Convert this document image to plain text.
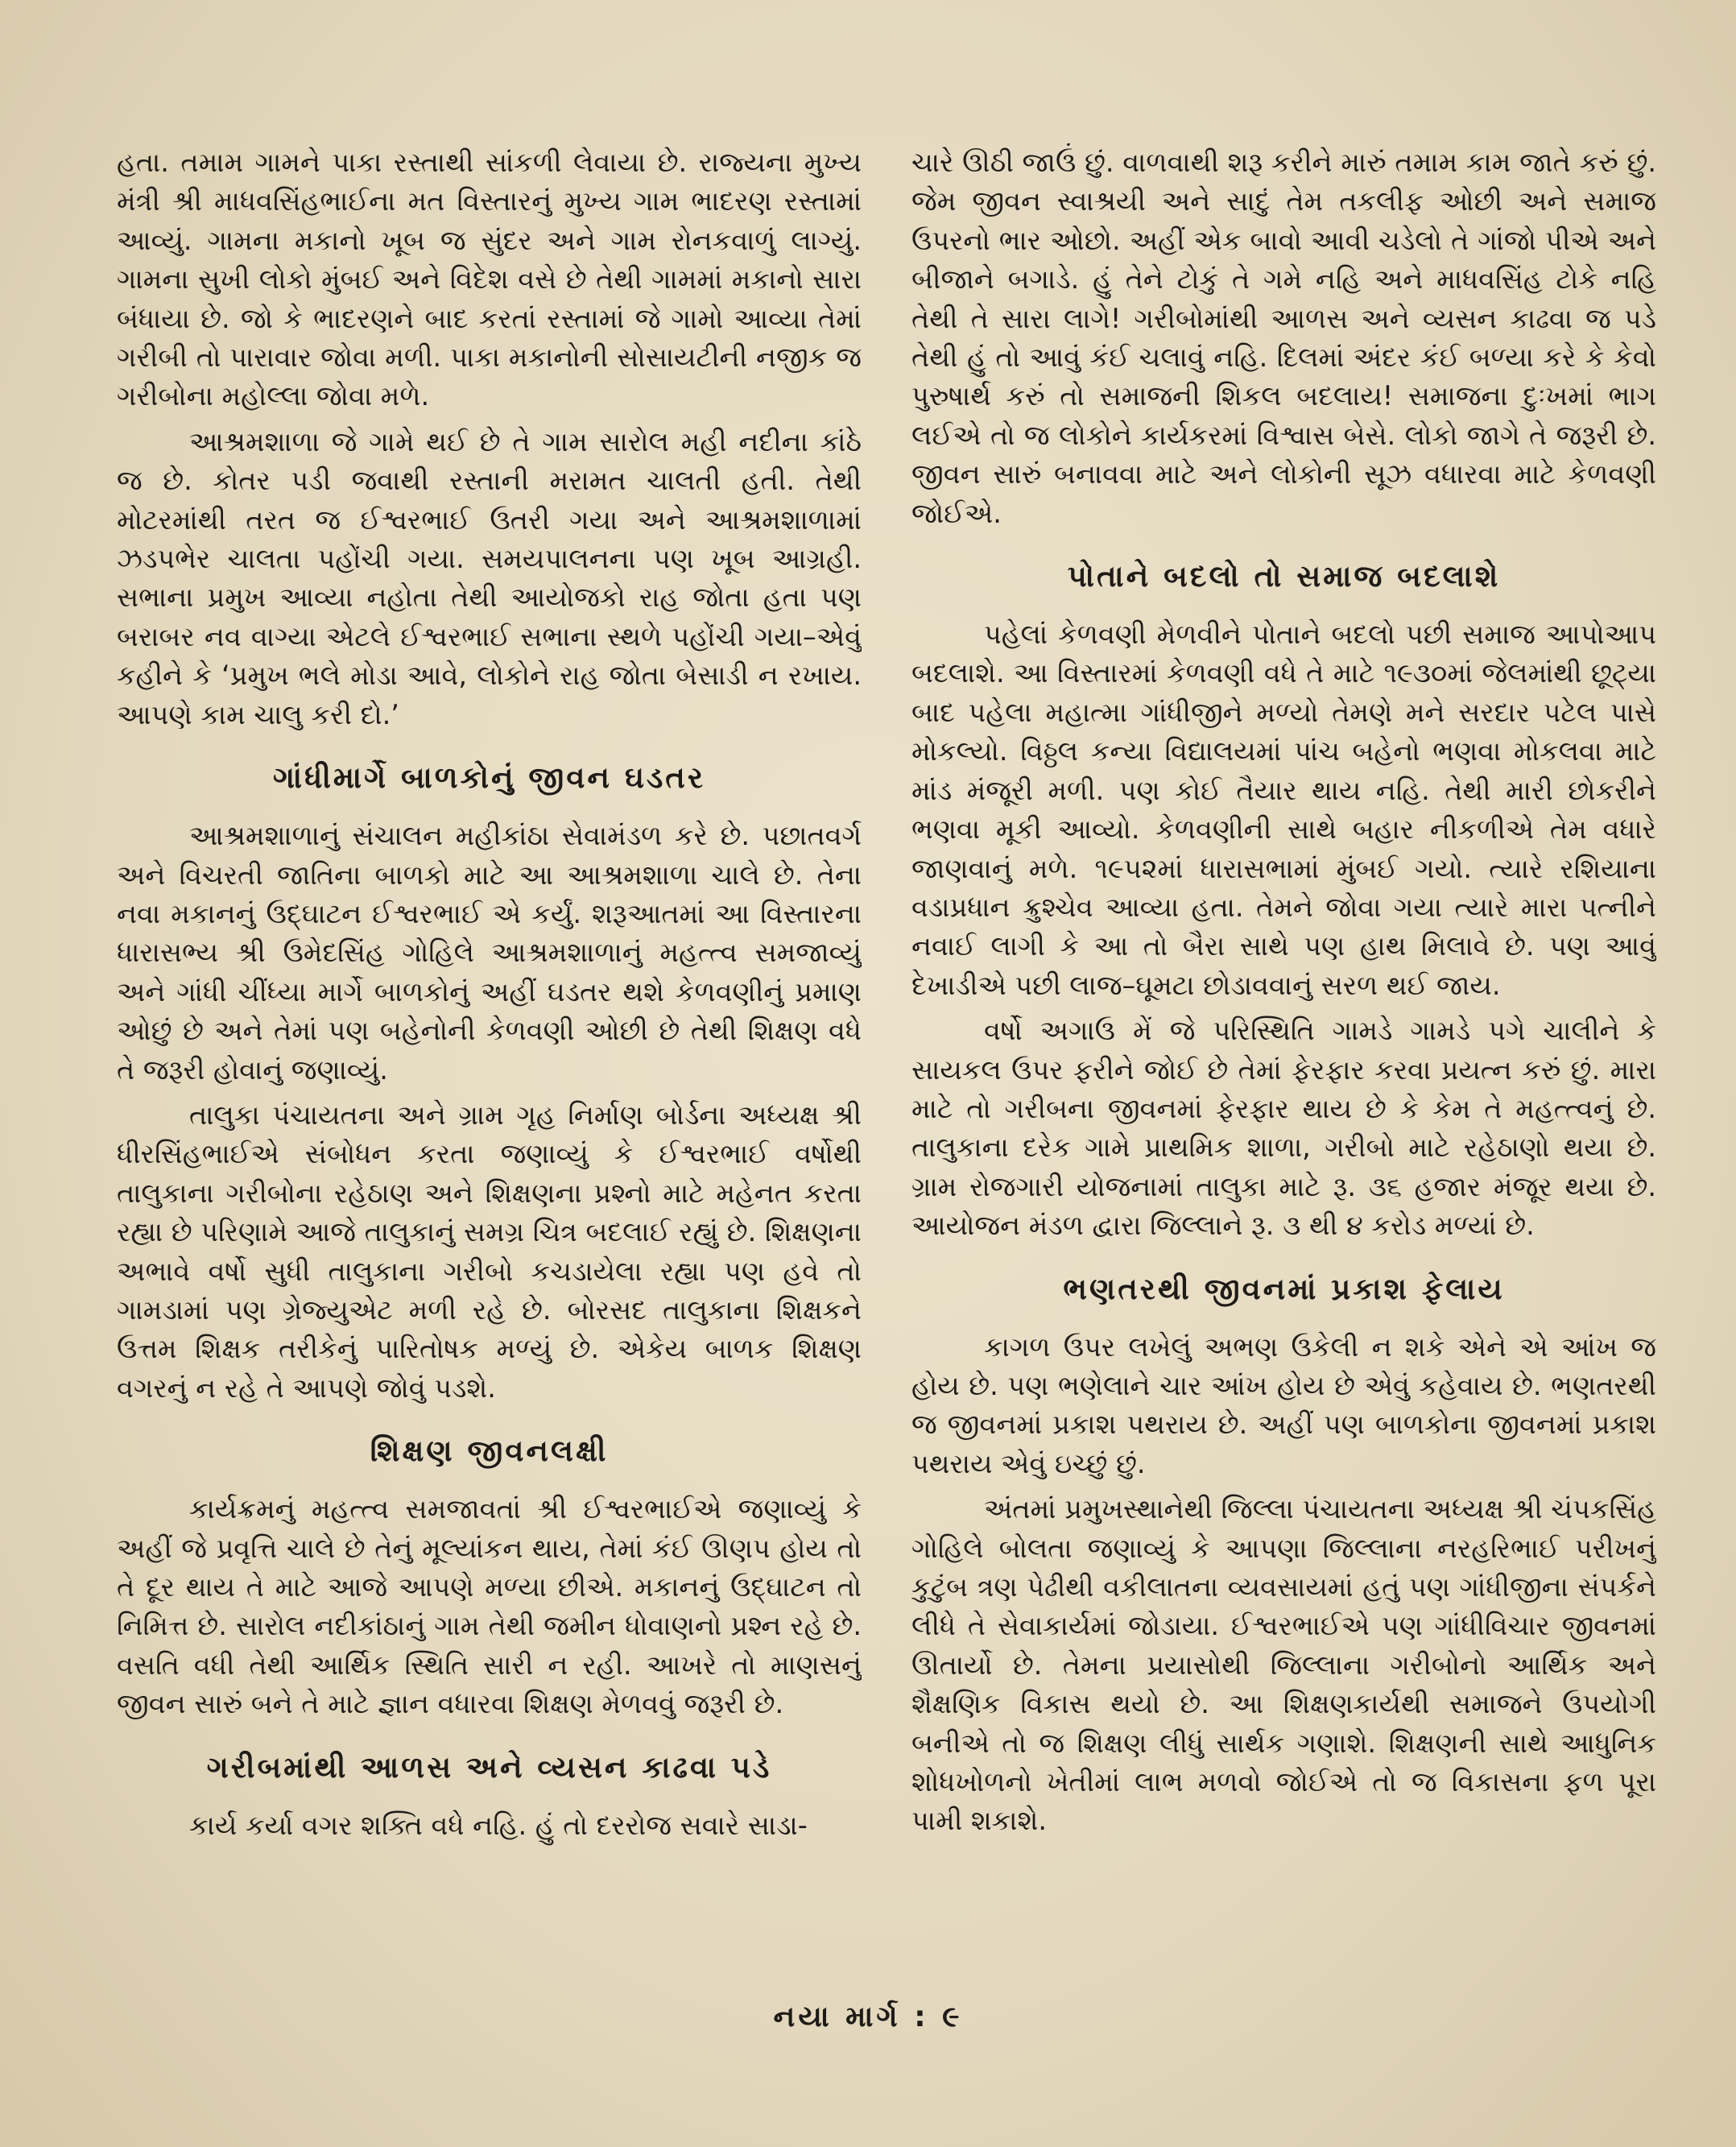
હતા. તમામ ગામને પાકા રસ્તાથી સાંકળી લેવાયા છે. રાજ્યના મુખ્ય મંત્રી શ્રી માધવસિંહભાઈના મત વિસ્તારનું મુખ્ય ગામ ભાદરણ રસ્તામાં આવ્યું. ગામના મકાનો ખૂબ જ સુંદર અને ગામ રોનકવાળું લાગ્યું. ગામના સુખી લોકો મુંબઈ અને વિદેશ વસે છે તેથી ગામમાં મકાનો સારા બંધાયા છે. જો કે ભાદરણને બાદ કરતાં રસ્તામાં જે ગામો આવ્યા તેમાં ગરીબી તો પારાવાર જોવા મળી. પાકા મકાનોની સોસાયટીની નજીક જ ગરીબોના મહોલ્લા જોવા મળે.

આશ્રમશાળા જે ગામે થઈ છે તે ગામ સારોલ મહી નદીના કાંઠે જ છે. કોતર પડી જવાથી રસ્તાની મરામત ચાલતી હતી. તેથી મોટરમાંથી તરત જ ઈશ્વરભાઈ ઉતરી ગયા અને આશ્રમશાળામાં ઝડપભેર ચાલતા પહોંચી ગયા. સમયપાલનના પણ ખૂબ આગ્રહી. સભાના પ્રમુખ આવ્યા નહોતા તેથી આયોજકો રાહ જોતા હતા પણ બરાબર નવ વાગ્યા એટલે ઈશ્વરભાઈ સભાના સ્થળે પહોંચી ગયા–એવું કહીને કે ‘પ્રમુખ ભલે મોડા આવે, લોકોને રાહ જોતા બેસાડી ન રખાય. આપણે કામ ચાલુ કરી દો.’

ગાંધીમાર્ગે બાળકોનું જીવન ઘડતર

આશ્રમશાળાનું સંચાલન મહીકાંઠા સેવામંડળ કરે છે. પછાતવર્ગ અને વિચરતી જાતિના બાળકો માટે આ આશ્રમશાળા ચાલે છે. તેના નવા મકાનનું ઉદ્ઘાટન ઈશ્વરભાઈ એ કર્યું. શરૂઆતમાં આ વિસ્તારના ધારાસભ્ય શ્રી ઉમેદસિંહ ગોહિલે આશ્રમશાળાનું મહત્ત્વ સમજાવ્યું અને ગાંધી ચીંધ્યા માર્ગે બાળકોનું અહીં ઘડતર થશે કેળવણીનું પ્રમાણ ઓછું છે અને તેમાં પણ બહેનોની કેળવણી ઓછી છે તેથી શિક્ષણ વધે તે જરૂરી હોવાનું જણાવ્યું.

તાલુકા પંચાયતના અને ગ્રામ ગૃહ નિર્માણ બોર્ડના અધ્યક્ષ શ્રી ધીરસિંહભાઈએ સંબોધન કરતા જણાવ્યું કે ઈશ્વરભાઈ વર્ષોથી તાલુકાના ગરીબોના રહેઠાણ અને શિક્ષણના પ્રશ્નો માટે મહેનત કરતા રહ્યા છે પરિણામે આજે તાલુકાનું સમગ્ર ચિત્ર બદલાઈ રહ્યું છે. શિક્ષણના અભાવે વર્ષો સુધી તાલુકાના ગરીબો કચડાયેલા રહ્યા પણ હવે તો ગામડામાં પણ ગ્રેજ્યુએટ મળી રહે છે. બોરસદ તાલુકાના શિક્ષકને ઉત્તમ શિક્ષક તરીકેનું પારિતોષક મળ્યું છે. એકેય બાળક શિક્ષણ વગરનું ન રહે તે આપણે જોવું પડશે.

શિક્ષણ જીવનલક્ષી

કાર્યક્રમનું મહત્ત્વ સમજાવતાં શ્રી ઈશ્વરભાઈએ જણાવ્યું કે અહીં જે પ્રવૃત્તિ ચાલે છે તેનું મૂલ્યાંકન થાય, તેમાં કંઈ ઊણપ હોય તો તે દૂર થાય તે માટે આજે આપણે મળ્યા છીએ. મકાનનું ઉદ્ઘાટન તો નિમિત્ત છે. સારોલ નદીકાંઠાનું ગામ તેથી જમીન ધોવાણનો પ્રશ્ન રહે છે. વસતિ વધી તેથી આર્થિક સ્થિતિ સારી ન રહી. આખરે તો માણસનું જીવન સારું બને તે માટે જ્ઞાન વધારવા શિક્ષણ મેળવવું જરૂરી છે.

ગરીબમાંથી આળસ અને વ્યસન કાઢવા પડે

કાર્ય કર્યા વગર શક્તિ વધે નહિ. હું તો દરરોજ સવારે સાડા-

ચારે ઊઠી જાઉં છું. વાળવાથી શરૂ કરીને મારું તમામ કામ જાતે કરું છું. જેમ જીવન સ્વાશ્રયી અને સાદું તેમ તકલીફ ઓછી અને સમાજ ઉપરનો ભાર ઓછો. અહીં એક બાવો આવી ચડેલો તે ગાંજો પીએ અને બીજાને બગાડે. હું તેને ટોકું તે ગમે નહિ અને માધવસિંહ ટોકે નહિ તેથી તે સારા લાગે! ગરીબોમાંથી આળસ અને વ્યસન કાઢવા જ પડે તેથી હું તો આવું કંઈ ચલાવું નહિ. દિલમાં અંદર કંઈ બળ્યા કરે કે કેવો પુરુષાર્થ કરું તો સમાજની શિકલ બદલાય! સમાજના દુઃખમાં ભાગ લઈએ તો જ લોકોને કાર્યકરમાં વિશ્વાસ બેસે. લોકો જાગે તે જરૂરી છે. જીવન સારું બનાવવા માટે અને લોકોની સૂઝ વધારવા માટે કેળવણી જોઈએ.

પોતાને બદલો તો સમાજ બદલાશે

પહેલાં કેળવણી મેળવીને પોતાને બદલો પછી સમાજ આપોઆપ બદલાશે. આ વિસ્તારમાં કેળવણી વધે તે માટે ૧૯૩૦માં જેલમાંથી છૂટ્યા બાદ પહેલા મહાત્મા ગાંધીજીને મળ્યો તેમણે મને સરદાર પટેલ પાસે મોકલ્યો. વિઠ્ઠલ કન્યા વિદ્યાલયમાં પાંચ બહેનો ભણવા મોકલવા માટે માંડ મંજૂરી મળી. પણ કોઈ તૈયાર થાય નહિ. તેથી મારી છોકરીને ભણવા મૂકી આવ્યો. કેળવણીની સાથે બહાર નીકળીએ તેમ વધારે જાણવાનું મળે. ૧૯૫૨માં ધારાસભામાં મુંબઈ ગયો. ત્યારે રશિયાના વડાપ્રધાન ક્રુશ્ચેવ આવ્યા હતા. તેમને જોવા ગયા ત્યારે મારા પત્નીને નવાઈ લાગી કે આ તો બૈરા સાથે પણ હાથ મિલાવે છે. પણ આવું દેખાડીએ પછી લાજ–ઘૂમટા છોડાવવાનું સરળ થઈ જાય.

વર્ષો અગાઉ મેં જે પરિસ્થિતિ ગામડે ગામડે પગે ચાલીને કે સાયકલ ઉપર ફરીને જોઈ છે તેમાં ફેરફાર કરવા પ્રયત્ન કરું છું. મારા માટે તો ગરીબના જીવનમાં ફેરફાર થાય છે કે કેમ તે મહત્ત્વનું છે. તાલુકાના દરેક ગામે પ્રાથમિક શાળા, ગરીબો માટે રહેઠાણો થયા છે. ગ્રામ રોજગારી યોજનામાં તાલુકા માટે રૂ. ૩૬ હજાર મંજૂર થયા છે. આયોજન મંડળ દ્વારા જિલ્લાને રૂ. ૩ થી ૪ કરોડ મળ્યાં છે.

ભણતરથી જીવનમાં પ્રકાશ ફેલાય

કાગળ ઉપર લખેલું અભણ ઉકેલી ન શકે એને એ આંખ જ હોય છે. પણ ભણેલાને ચાર આંખ હોય છે એવું કહેવાય છે. ભણતરથી જ જીવનમાં પ્રકાશ પથરાય છે. અહીં પણ બાળકોના જીવનમાં પ્રકાશ પથરાય એવું ઇચ્છું છું.

અંતમાં પ્રમુખસ્થાનેથી જિલ્લા પંચાયતના અધ્યક્ષ શ્રી ચંપકસિંહ ગોહિલે બોલતા જણાવ્યું કે આપણા જિલ્લાના નરહરિભાઈ પરીખનું કુટુંબ ત્રણ પેઢીથી વકીલાતના વ્યવસાયમાં હતું પણ ગાંધીજીના સંપર્કને લીધે તે સેવાકાર્યમાં જોડાયા. ઈશ્વરભાઈએ પણ ગાંધીવિચાર જીવનમાં ઊતાર્યો છે. તેમના પ્રયાસોથી જિલ્લાના ગરીબોનો આર્થિક અને શૈક્ષણિક વિકાસ થયો છે. આ શિક્ષણકાર્યથી સમાજને ઉપયોગી બનીએ તો જ શિક્ષણ લીધું સાર્થક ગણાશે. શિક્ષણની સાથે આધુનિક શોધખોળનો ખેતીમાં લાભ મળવો જોઈએ તો જ વિકાસના ફળ પૂરા પામી શકાશે.

નયા માર્ગ : ૯
